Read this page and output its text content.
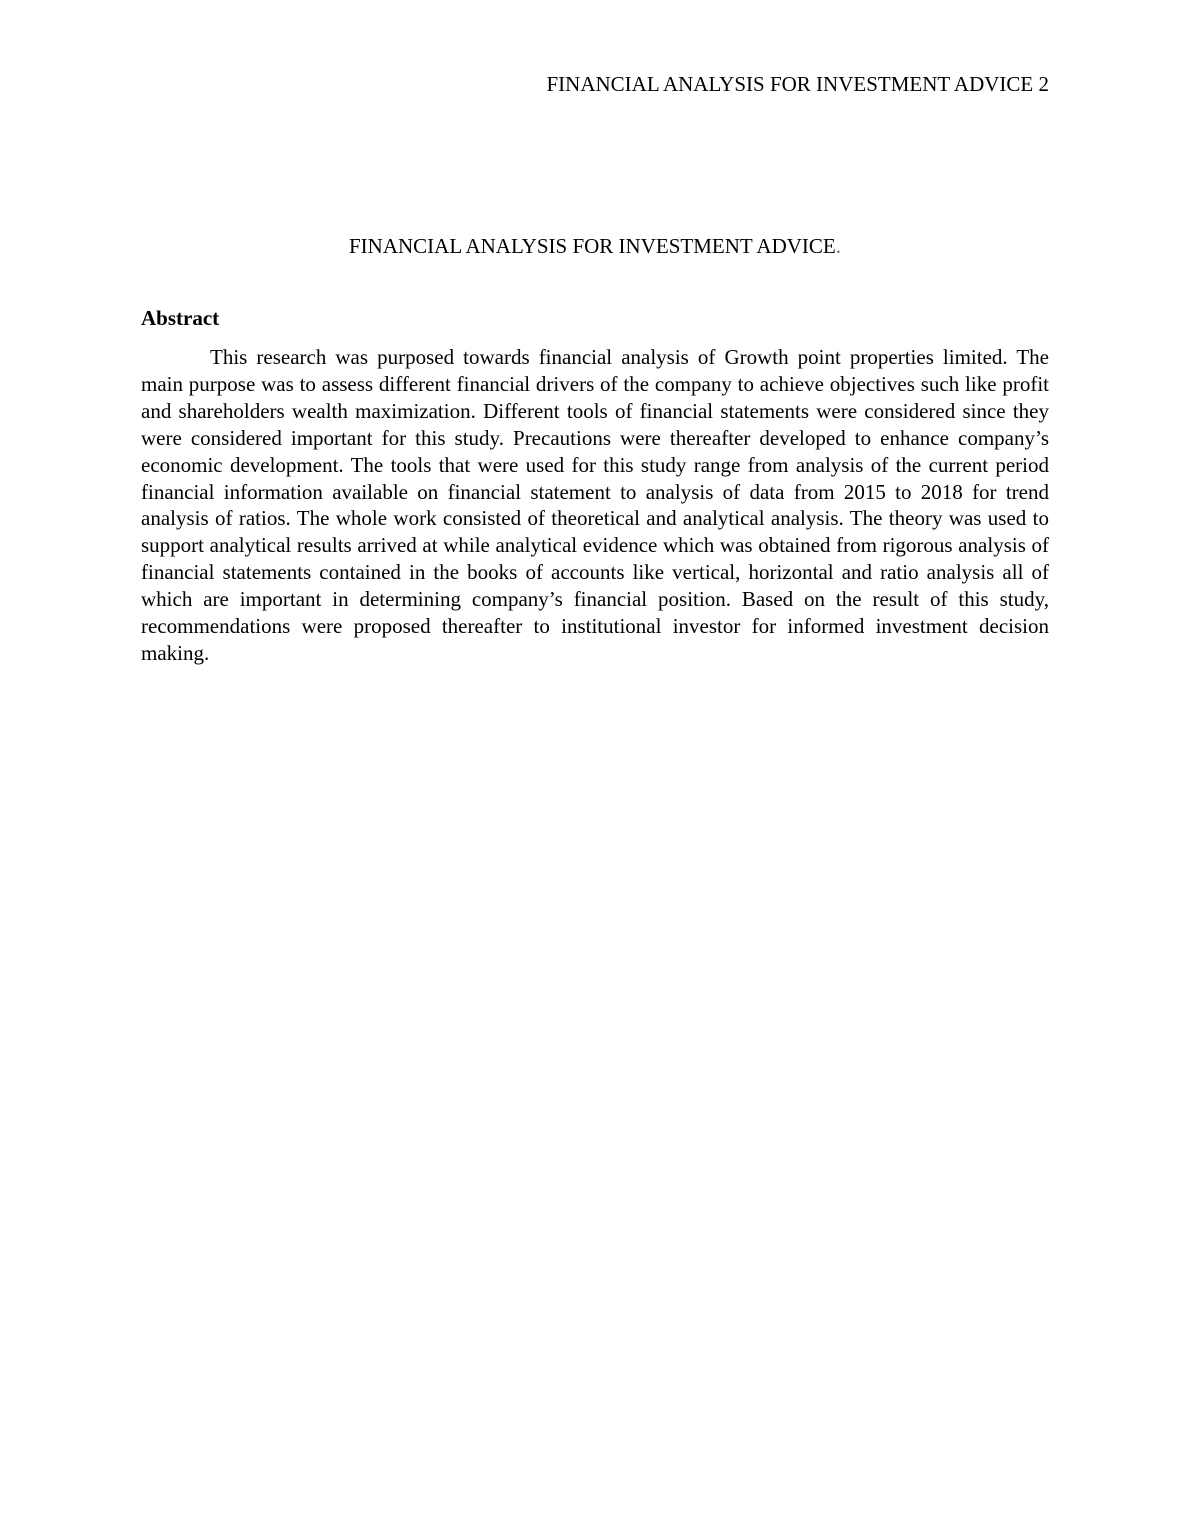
FINANCIAL ANALYSIS FOR INVESTMENT ADVICE 2
FINANCIAL ANALYSIS FOR INVESTMENT ADVICE.
Abstract

This research was purposed towards financial analysis of Growth point properties limited. The main purpose was to assess different financial drivers of the company to achieve objectives such like profit and shareholders wealth maximization. Different tools of financial statements were considered since they were considered important for this study. Precautions were thereafter developed to enhance company’s economic development. The tools that were used for this study range from analysis of the current period financial information available on financial statement to analysis of data from 2015 to 2018 for trend analysis of ratios. The whole work consisted of theoretical and analytical analysis. The theory was used to support analytical results arrived at while analytical evidence which was obtained from rigorous analysis of financial statements contained in the books of accounts like vertical, horizontal and ratio analysis all of which are important in determining company’s financial position. Based on the result of this study, recommendations were proposed thereafter to institutional investor for informed investment decision making.
